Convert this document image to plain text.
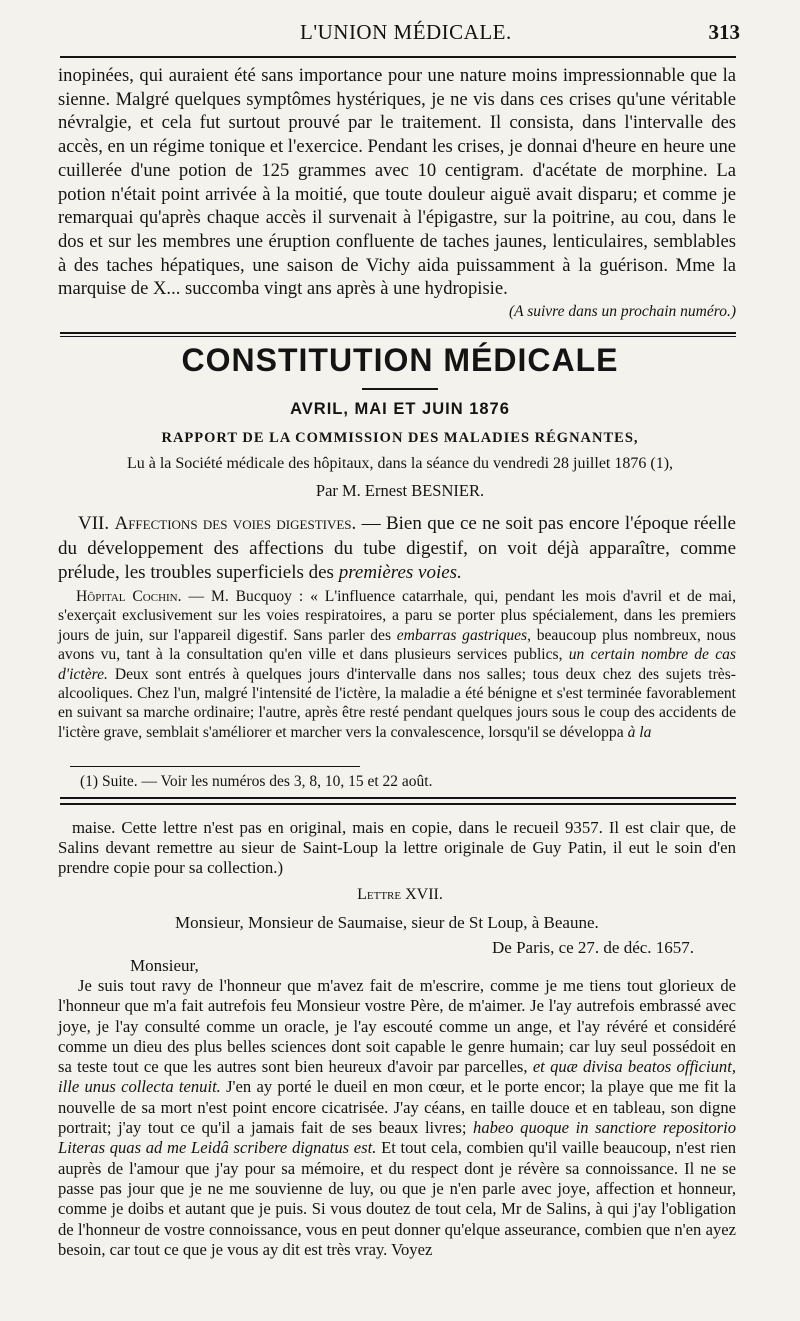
L'UNION MÉDICALE.	313

inopinées, qui auraient été sans importance pour une nature moins impressionnable que la sienne. Malgré quelques symptômes hystériques, je ne vis dans ces crises qu'une véritable névralgie, et cela fut surtout prouvé par le traitement. Il consista, dans l'intervalle des accès, en un régime tonique et l'exercice. Pendant les crises, je donnai d'heure en heure une cuillerée d'une potion de 125 grammes avec 10 centigram. d'acétate de morphine. La potion n'était point arrivée à la moitié, que toute douleur aiguë avait disparu; et comme je remarquai qu'après chaque accès il survenait à l'épigastre, sur la poitrine, au cou, dans le dos et sur les membres une éruption confluente de taches jaunes, lenticulaires, semblables à des taches hépatiques, une saison de Vichy aida puissamment à la guérison. Mme la marquise de X... succomba vingt ans après à une hydropisie.

(A suivre dans un prochain numéro.)
CONSTITUTION MÉDICALE
AVRIL, MAI ET JUIN 1876
RAPPORT DE LA COMMISSION DES MALADIES RÉGNANTES,
Lu à la Société médicale des hôpitaux, dans la séance du vendredi 28 juillet 1876 (1),
Par M. Ernest BESNIER.

VII. Affections des voies digestives. — Bien que ce ne soit pas encore l'époque réelle du développement des affections du tube digestif, on voit déjà apparaître, comme prélude, les troubles superficiels des premières voies.

Hôpital Cochin. — M. Bucquoy : « L'influence catarrhale, qui, pendant les mois d'avril et de mai, s'exerçait exclusivement sur les voies respiratoires, a paru se porter plus spécialement, dans les premiers jours de juin, sur l'appareil digestif. Sans parler des embarras gastriques, beaucoup plus nombreux, nous avons vu, tant à la consultation qu'en ville et dans plusieurs services publics, un certain nombre de cas d'ictère. Deux sont entrés à quelques jours d'intervalle dans nos salles; tous deux chez des sujets très-alcooliques. Chez l'un, malgré l'intensité de l'ictère, la maladie a été bénigne et s'est terminée favorablement en suivant sa marche ordinaire; l'autre, après être resté pendant quelques jours sous le coup des accidents de l'ictère grave, semblait s'améliorer et marcher vers la convalescence, lorsqu'il se développa à la

(1) Suite. — Voir les numéros des 3, 8, 10, 15 et 22 août.

maise. Cette lettre n'est pas en original, mais en copie, dans le recueil 9357. Il est clair que, de Salins devant remettre au sieur de Saint-Loup la lettre originale de Guy Patin, il eut le soin d'en prendre copie pour sa collection.)

Lettre XVII.
Monsieur, Monsieur de Saumaise, sieur de St Loup, à Beaune.
De Paris, ce 27. de déc. 1657.
Monsieur,

Je suis tout ravy de l'honneur que m'avez fait de m'escrire, comme je me tiens tout glorieux de l'honneur que m'a fait autrefois feu Monsieur vostre Père, de m'aimer. Je l'ay autrefois embrassé avec joye, je l'ay consulté comme un oracle, je l'ay escouté comme un ange, et l'ay révéré et considéré comme un dieu des plus belles sciences dont soit capable le genre humain; car luy seul possédoit en sa teste tout ce que les autres sont bien heureux d'avoir par parcelles, et quæ divisa beatos officiunt, ille unus collecta tenuit. J'en ay porté le dueil en mon cœur, et le porte encor; la playe que me fit la nouvelle de sa mort n'est point encore cicatrisée. J'ay céans, en taille douce et en tableau, son digne portrait; j'ay tout ce qu'il a jamais fait de ses beaux livres; habeo quoque in sanctiore repositorio Literas quas ad me Leidâ scribere dignatus est. Et tout cela, combien qu'il vaille beaucoup, n'est rien auprès de l'amour que j'ay pour sa mémoire, et du respect dont je révère sa connoissance. Il ne se passe pas jour que je ne me souvienne de luy, ou que je n'en parle avec joye, affection et honneur, comme je doibs et autant que je puis. Si vous doutez de tout cela, Mr de Salins, à qui j'ay l'obligation de l'honneur de vostre connoissance, vous en peut donner qu'elque asseurance, combien que n'en ayez besoin, car tout ce que je vous ay dit est très vray. Voyez
